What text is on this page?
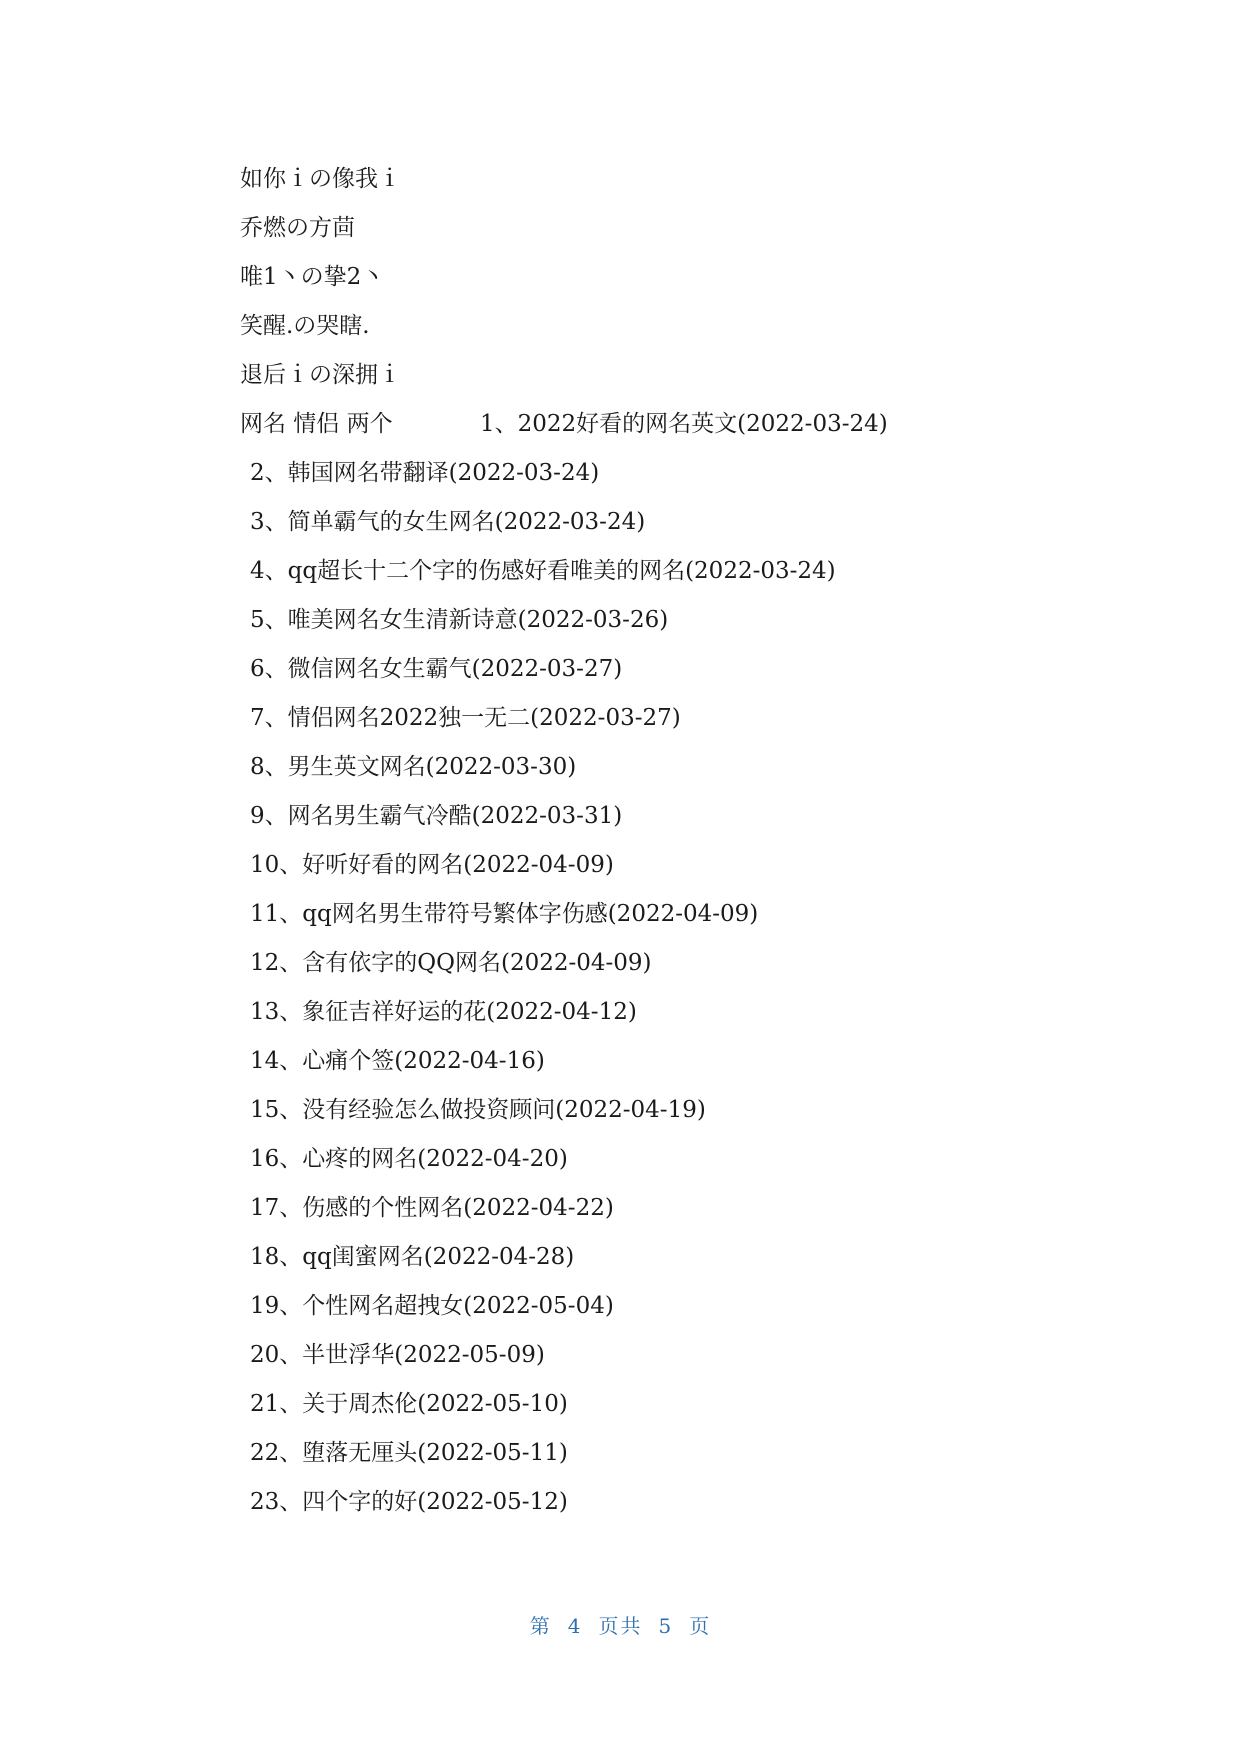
如你ｉの像我ｉ
乔燃の方茴
唯1丶の挚2丶
笑醒.の哭瞎.
退后ｉの深拥ｉ
网名 情侣 两个	1、2022好看的网名英文(2022-03-24)
2、韩国网名带翻译(2022-03-24)
3、简单霸气的女生网名(2022-03-24)
4、qq超长十二个字的伤感好看唯美的网名(2022-03-24)
5、唯美网名女生清新诗意(2022-03-26)
6、微信网名女生霸气(2022-03-27)
7、情侣网名2022独一无二(2022-03-27)
8、男生英文网名(2022-03-30)
9、网名男生霸气冷酷(2022-03-31)
10、好听好看的网名(2022-04-09)
11、qq网名男生带符号繁体字伤感(2022-04-09)
12、含有依字的QQ网名(2022-04-09)
13、象征吉祥好运的花(2022-04-12)
14、心痛个签(2022-04-16)
15、没有经验怎么做投资顾问(2022-04-19)
16、心疼的网名(2022-04-20)
17、伤感的个性网名(2022-04-22)
18、qq闺蜜网名(2022-04-28)
19、个性网名超拽女(2022-05-04)
20、半世浮华(2022-05-09)
21、关于周杰伦(2022-05-10)
22、堕落无厘头(2022-05-11)
23、四个字的好(2022-05-12)
第 4 页共 5 页
